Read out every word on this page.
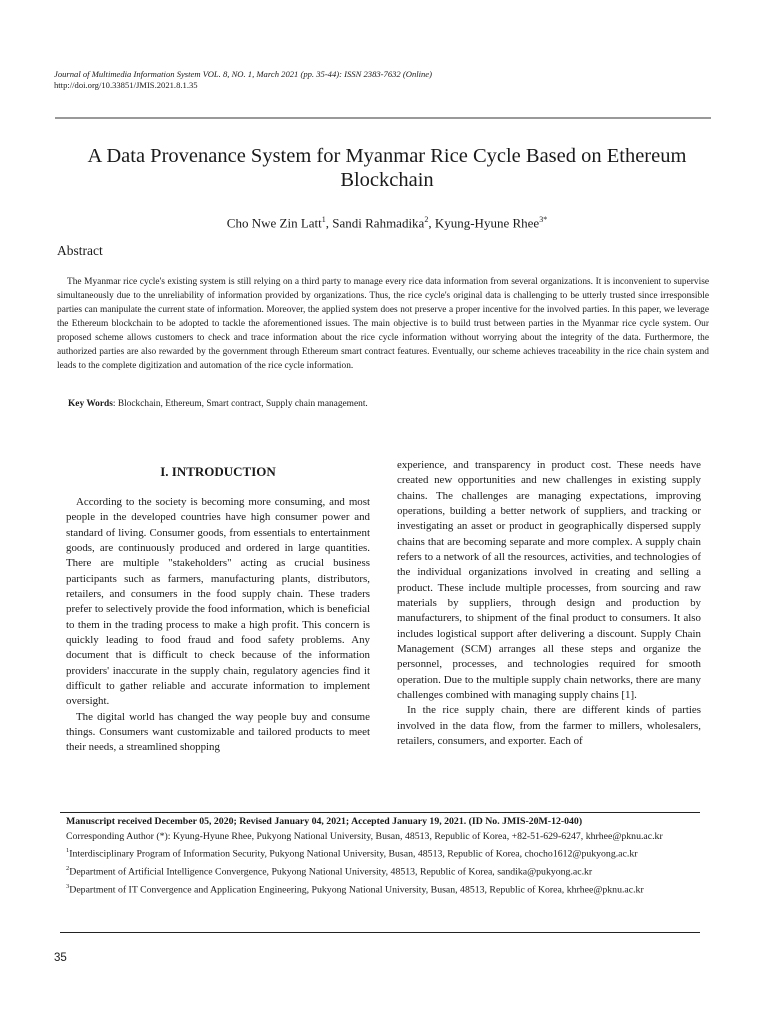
Journal of Multimedia Information System VOL. 8, NO. 1, March 2021 (pp. 35-44): ISSN 2383-7632 (Online)
http://doi.org/10.33851/JMIS.2021.8.1.35
A Data Provenance System for Myanmar Rice Cycle Based on Ethereum Blockchain
Cho Nwe Zin Latt$^1$, Sandi Rahmadika$^2$, Kyung-Hyune Rhee$^{3*}$
Abstract
The Myanmar rice cycle's existing system is still relying on a third party to manage every rice data information from several organizations. It is inconvenient to supervise simultaneously due to the unreliability of information provided by organizations. Thus, the rice cycle's original data is challenging to be utterly trusted since irresponsible parties can manipulate the current state of information. Moreover, the applied system does not preserve a proper incentive for the involved parties. In this paper, we leverage the Ethereum blockchain to be adopted to tackle the aforementioned issues. The main objective is to build trust between parties in the Myanmar rice cycle system. Our proposed scheme allows customers to check and trace information about the rice cycle information without worrying about the integrity of the data. Furthermore, the authorized parties are also rewarded by the government through Ethereum smart contract features. Eventually, our scheme achieves traceability in the rice chain system and leads to the complete digitization and automation of the rice cycle information.
Key Words: Blockchain, Ethereum, Smart contract, Supply chain management.
I. INTRODUCTION

According to the society is becoming more consuming, and most people in the developed countries have high consumer power and standard of living. Consumer goods, from essentials to entertainment goods, are continuously produced and ordered in large quantities. There are multiple "stakeholders" acting as crucial business participants such as farmers, manufacturing plants, distributors, retailers, and consumers in the food supply chain. These traders prefer to selectively provide the food information, which is beneficial to them in the trading process to make a high profit. This concern is quickly leading to food fraud and food safety problems. Any document that is difficult to check because of the information providers' inaccurate in the supply chain, regulatory agencies find it difficult to gather reliable and accurate information to implement oversight.

The digital world has changed the way people buy and consume things. Consumers want customizable and tailored products to meet their needs, a streamlined shopping

experience, and transparency in product cost. These needs have created new opportunities and new challenges in existing supply chains. The challenges are managing expectations, improving operations, building a better network of suppliers, and tracking or investigating an asset or product in geographically dispersed supply chains that are becoming separate and more complex. A supply chain refers to a network of all the resources, activities, and technologies of the individual organizations involved in creating and selling a product. These include multiple processes, from sourcing and raw materials by suppliers, through design and production by manufacturers, to shipment of the final product to consumers. It also includes logistical support after delivering a discount. Supply Chain Management (SCM) arranges all these steps and organize the personnel, processes, and technologies required for smooth operation. Due to the multiple supply chain networks, there are many challenges combined with managing supply chains [1].

In the rice supply chain, there are different kinds of parties involved in the data flow, from the farmer to millers, wholesalers, retailers, consumers, and exporter. Each of

Manuscript received December 05, 2020; Revised January 04, 2021; Accepted January 19, 2021. (ID No. JMIS-20M-12-040)

Corresponding Author (*): Kyung-Hyune Rhee, Pukyong National University, Busan, 48513, Republic of Korea, +82-51-629-6247, khrhee@pknu.ac.kr

$^1$Interdisciplinary Program of Information Security, Pukyong National University, Busan, 48513, Republic of Korea, chocho1612@pukyong.ac.kr

$^2$Department of Artificial Intelligence Convergence, Pukyong National University, 48513, Republic of Korea, sandika@pukyong.ac.kr

$^3$Department of IT Convergence and Application Engineering, Pukyong National University, Busan, 48513, Republic of Korea, khrhee@pknu.ac.kr

35
